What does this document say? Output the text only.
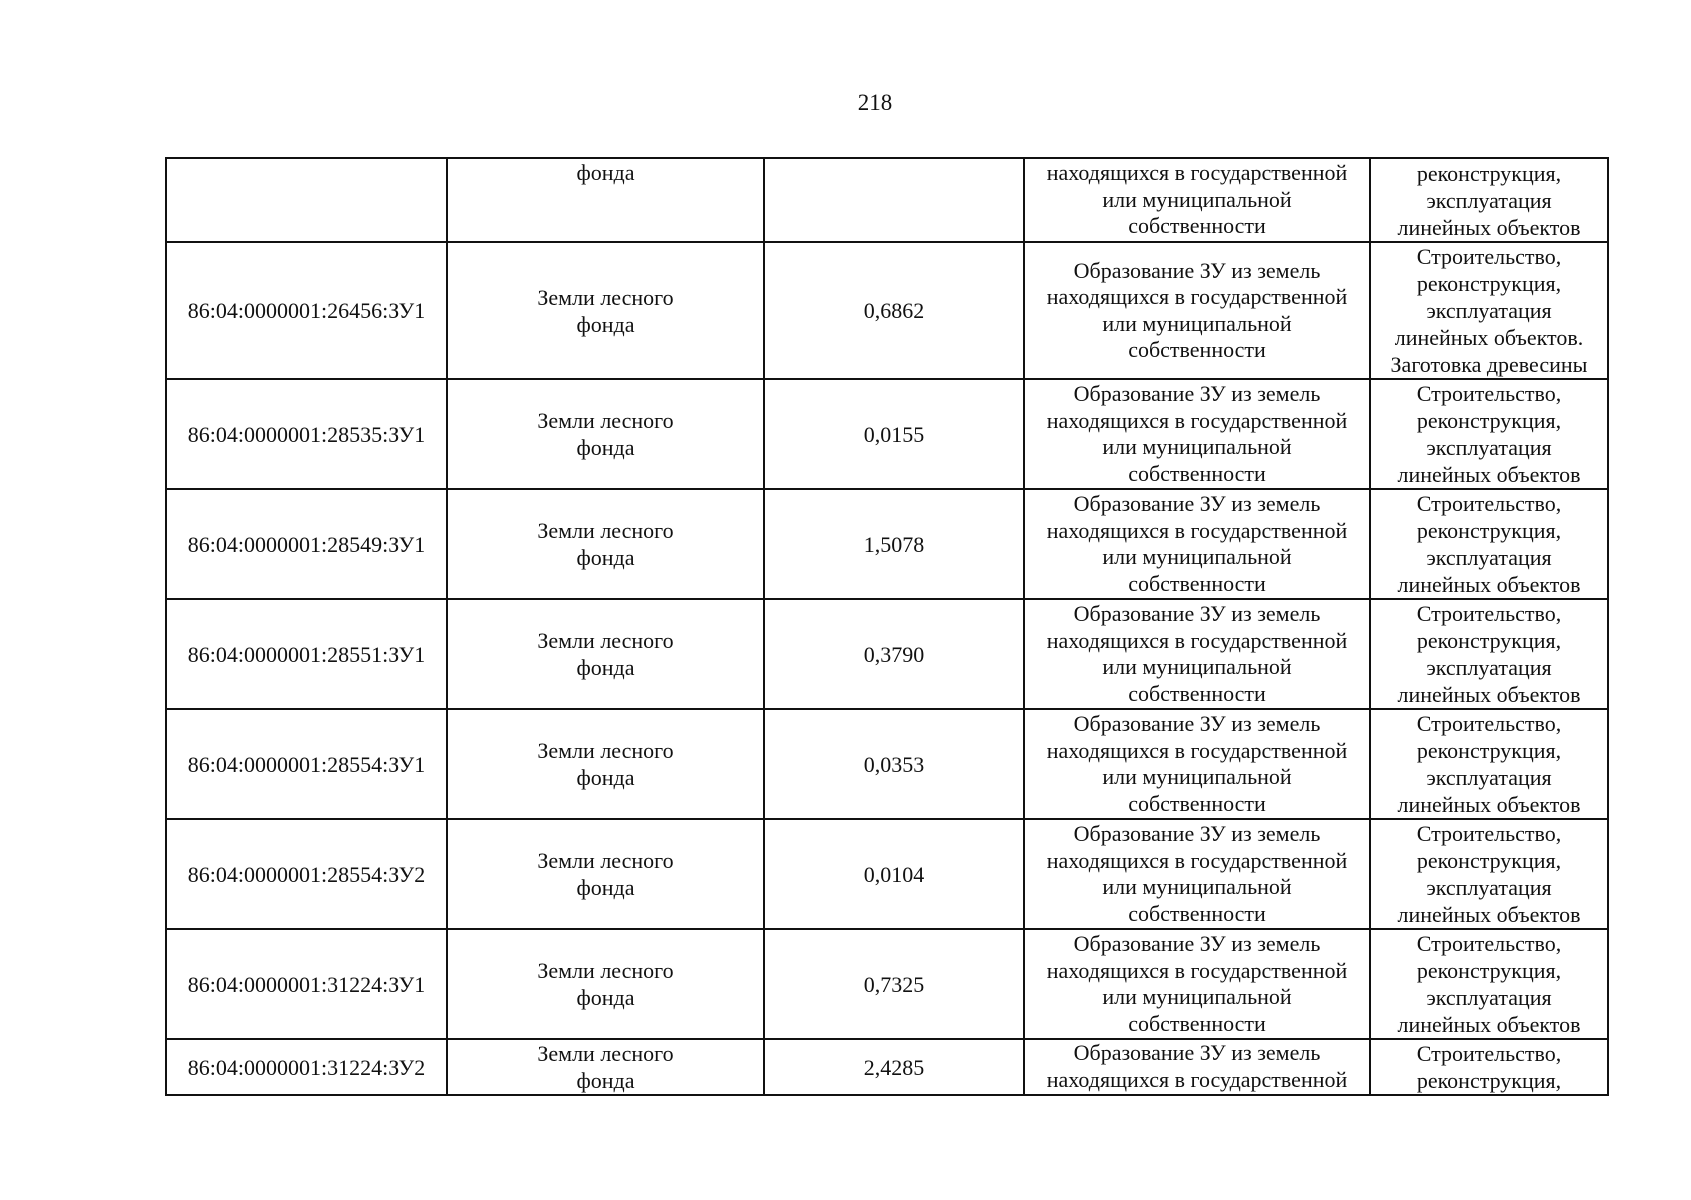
218

	фонда		находящихся в государственной
или муниципальной
собственности	реконструкция,
эксплуатация
линейных объектов

86:04:0000001:26456:ЗУ1	Земли лесного
фонда	0,6862	Образование ЗУ из земель
находящихся в государственной
или муниципальной
собственности	Строительство,
реконструкция,
эксплуатация
линейных объектов.
Заготовка древесины

86:04:0000001:28535:ЗУ1	Земли лесного
фонда	0,0155	Образование ЗУ из земель
находящихся в государственной
или муниципальной
собственности	Строительство,
реконструкция,
эксплуатация
линейных объектов

86:04:0000001:28549:ЗУ1	Земли лесного
фонда	1,5078	Образование ЗУ из земель
находящихся в государственной
или муниципальной
собственности	Строительство,
реконструкция,
эксплуатация
линейных объектов

86:04:0000001:28551:ЗУ1	Земли лесного
фонда	0,3790	Образование ЗУ из земель
находящихся в государственной
или муниципальной
собственности	Строительство,
реконструкция,
эксплуатация
линейных объектов

86:04:0000001:28554:ЗУ1	Земли лесного
фонда	0,0353	Образование ЗУ из земель
находящихся в государственной
или муниципальной
собственности	Строительство,
реконструкция,
эксплуатация
линейных объектов

86:04:0000001:28554:ЗУ2	Земли лесного
фонда	0,0104	Образование ЗУ из земель
находящихся в государственной
или муниципальной
собственности	Строительство,
реконструкция,
эксплуатация
линейных объектов

86:04:0000001:31224:ЗУ1	Земли лесного
фонда	0,7325	Образование ЗУ из земель
находящихся в государственной
или муниципальной
собственности	Строительство,
реконструкция,
эксплуатация
линейных объектов

86:04:0000001:31224:ЗУ2	Земли лесного
фонда	2,4285	Образование ЗУ из земель
находящихся в государственной	Строительство,
реконструкция,
